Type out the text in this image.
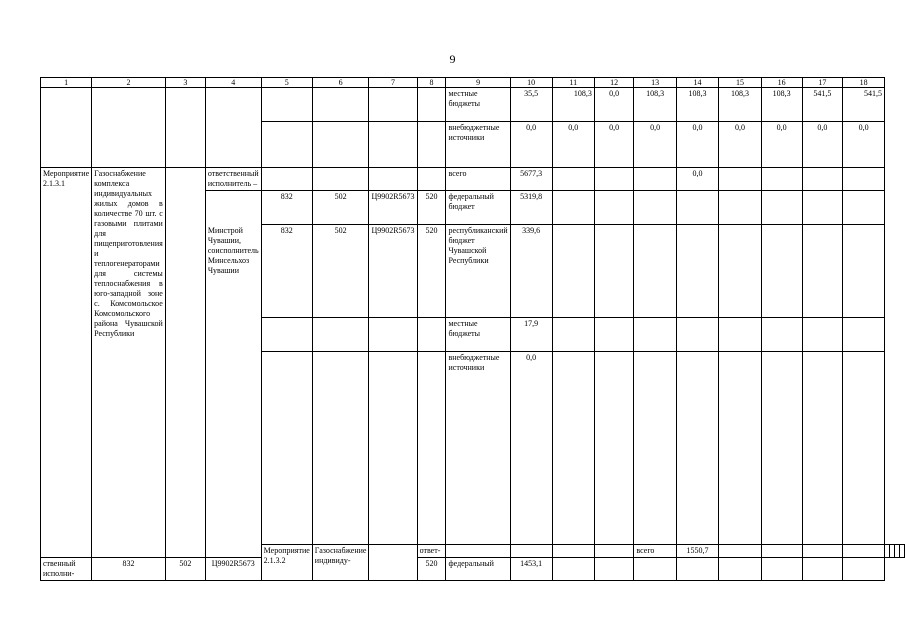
9
1	2	3	4	5	6	7	8	9	10	11	12	13	14	15	16	17	18				
								местные бюджеты	35,5	108,3	0,0	108,3	108,3	108,3	108,3	541,5	541,5				
								внебюджетные источники	0,0	0,0	0,0	0,0	0,0	0,0	0,0	0,0	0,0				
Мероприятие 2.1.3.1	Газоснабжение комплекса индивидуальных жилых домов в количестве 70 шт. с газовыми плитами для пищеприготовления и теплогенераторами для системы теплоснабжения в юго-западной зоне с. Комсомольское Комсомольского района Чувашской Республики		ответственный исполнитель –					всего	5677,3				0,0								

			Минстрой Чувашии, соисполнитель Минсельхоз Чувашии	832	502	Ц9902R5673	520	федеральный бюджет	5319,8												
				832	502	Ц9902R5673	520	республиканский бюджет Чувашской Республики	339,6												
								местные бюджеты	17,9												
								внебюджетные источники	0,0												
				Мероприятие 2.1.3.2	Газоснабжение индивиду-		ответ-					всего	1550,7								
ственный исполни-	832	502	Ц9902R5673				520	федеральный	1453,1												
